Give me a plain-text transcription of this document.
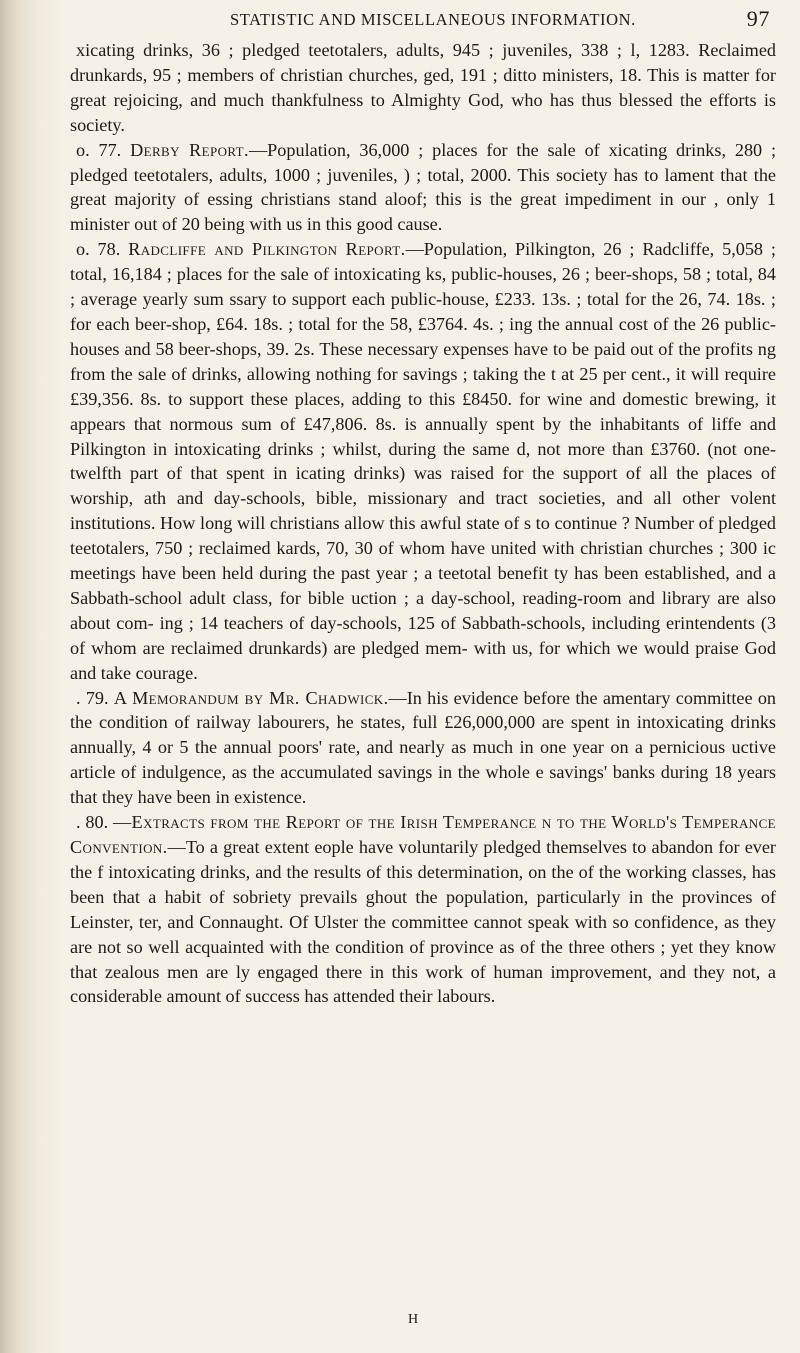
STATISTIC AND MISCELLANEOUS INFORMATION.	97

xicating drinks, 36 ; pledged teetotalers, adults, 945 ; juveniles, 338 ; l, 1283. Reclaimed drunkards, 95 ; members of christian churches, ged, 191 ; ditto ministers, 18. This is matter for great rejoicing, and much thankfulness to Almighty God, who has thus blessed the efforts is society.

o. 77. Derby Report.—Population, 36,000 ; places for the sale of xicating drinks, 280 ; pledged teetotalers, adults, 1000 ; juveniles, ) ; total, 2000. This society has to lament that the great majority of essing christians stand aloof; this is the great impediment in our , only 1 minister out of 20 being with us in this good cause.

o. 78. Radcliffe and Pilkington Report.—Population, Pilkington, 26 ; Radcliffe, 5,058 ; total, 16,184 ; places for the sale of intoxicating ks, public-houses, 26 ; beer-shops, 58 ; total, 84 ; average yearly sum ssary to support each public-house, £233. 13s. ; total for the 26, 74. 18s. ; for each beer-shop, £64. 18s. ; total for the 58, £3764. 4s. ; ing the annual cost of the 26 public-houses and 58 beer-shops, 39. 2s. These necessary expenses have to be paid out of the profits ng from the sale of drinks, allowing nothing for savings ; taking the t at 25 per cent., it will require £39,356. 8s. to support these places, adding to this £8450. for wine and domestic brewing, it appears that normous sum of £47,806. 8s. is annually spent by the inhabitants of liffe and Pilkington in intoxicating drinks ; whilst, during the same d, not more than £3760. (not one-twelfth part of that spent in icating drinks) was raised for the support of all the places of worship, ath and day-schools, bible, missionary and tract societies, and all other volent institutions. How long will christians allow this awful state of s to continue ? Number of pledged teetotalers, 750 ; reclaimed kards, 70, 30 of whom have united with christian churches ; 300 ic meetings have been held during the past year ; a teetotal benefit ty has been established, and a Sabbath-school adult class, for bible uction ; a day-school, reading-room and library are also about com- ing ; 14 teachers of day-schools, 125 of Sabbath-schools, including erintendents (3 of whom are reclaimed drunkards) are pledged mem- with us, for which we would praise God and take courage.

. 79. A Memorandum by Mr. Chadwick.—In his evidence before the amentary committee on the condition of railway labourers, he states, full £26,000,000 are spent in intoxicating drinks annually, 4 or 5 the annual poors' rate, and nearly as much in one year on a pernicious uctive article of indulgence, as the accumulated savings in the whole e savings' banks during 18 years that they have been in existence.

. 80. —Extracts from the Report of the Irish Temperance n to the World's Temperance Convention.—To a great extent eople have voluntarily pledged themselves to abandon for ever the f intoxicating drinks, and the results of this determination, on the of the working classes, has been that a habit of sobriety prevails ghout the population, particularly in the provinces of Leinster, ter, and Connaught. Of Ulster the committee cannot speak with so confidence, as they are not so well acquainted with the condition of province as of the three others ; yet they know that zealous men are ly engaged there in this work of human improvement, and they not, a considerable amount of success has attended their labours.

H
